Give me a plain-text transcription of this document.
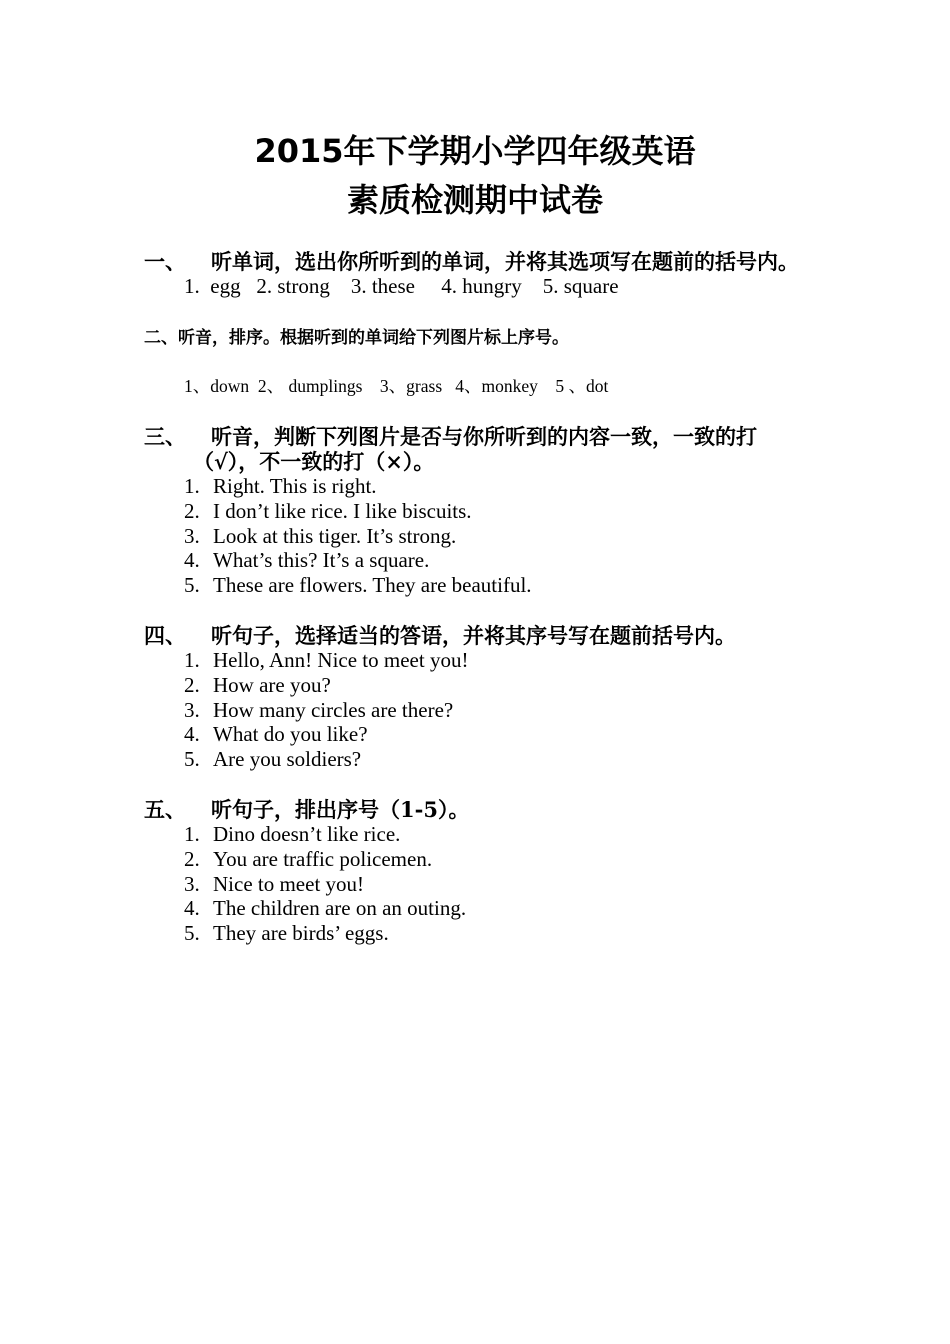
2015年下学期小学四年级英语
素质检测期中试卷
一、 听单词，选出你所听到的单词，并将其选项写在题前的括号内。
1.  egg   2. strong    3. these     4. hungry    5. square
二、听音，排序。根据听到的单词给下列图片标上序号。
1、down  2、 dumplings    3、grass   4、monkey    5 、dot
三、 听音，判断下列图片是否与你所听到的内容一致，一致的打
（√），不一致的打（×）。
1. Right. This is right.
2. I don’t like rice. I like biscuits.
3. Look at this tiger. It’s strong.
4. What’s this? It’s a square.
5. These are flowers. They are beautiful.
四、 听句子，选择适当的答语，并将其序号写在题前括号内。
1. Hello, Ann! Nice to meet you!
2. How are you?
3. How many circles are there?
4. What do you like?
5. Are you soldiers?
五、 听句子，排出序号（1-5）。
1. Dino doesn’t like rice.
2. You are traffic policemen.
3. Nice to meet you!
4. The children are on an outing.
5. They are birds’ eggs.
